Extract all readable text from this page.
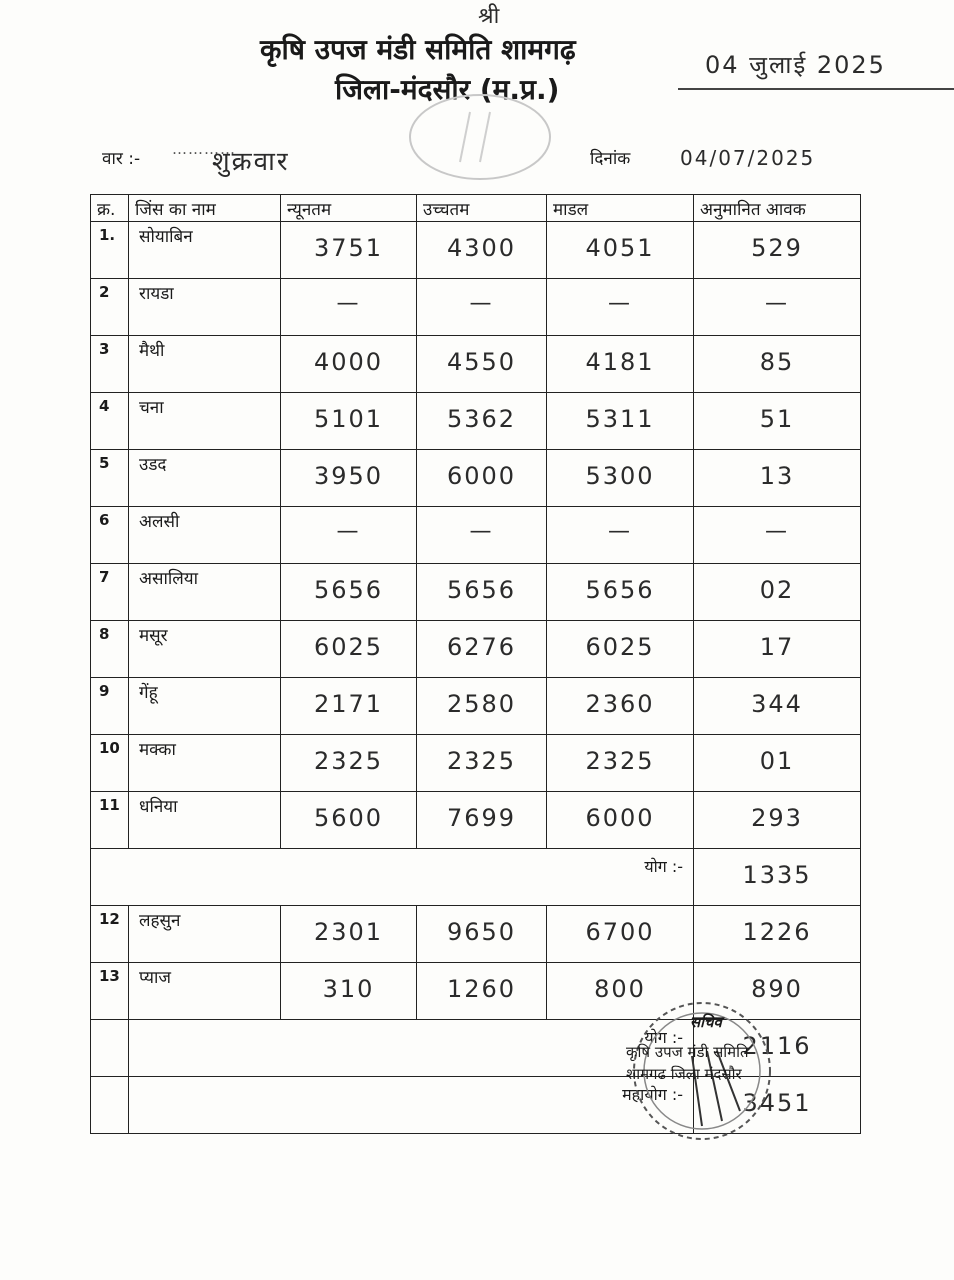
श्री
कृषि उपज मंडी समिति शामगढ़
जिला-मंदसौर (म.प्र.)
04 जुलाई 2025
वार :- …………
शुक्रवार	दिनांक 04/07/2025
क्र.	जिंस का नाम	न्यूनतम	उच्चतम	माडल	अनुमानित आवक
1.	सोयाबिन	3751	4300	4051	529
2	रायडा	—	—	—	—
3	मैथी	4000	4550	4181	85
4	चना	5101	5362	5311	51
5	उडद	3950	6000	5300	13
6	अलसी	—	—	—	—
7	असालिया	5656	5656	5656	02
8	मसूर	6025	6276	6025	17
9	गेंहू	2171	2580	2360	344
10	मक्का	2325	2325	2325	01
11	धनिया	5600	7699	6000	293
योग :-					1335
12	लहसुन	2301	9650	6700	1226
13	प्याज	310	1260	800	890
	योग :-				2116
	महायोग :-				3451
सचिव
कृषि उपज मंडी समिति
शामगढ जिला मंदसौर
